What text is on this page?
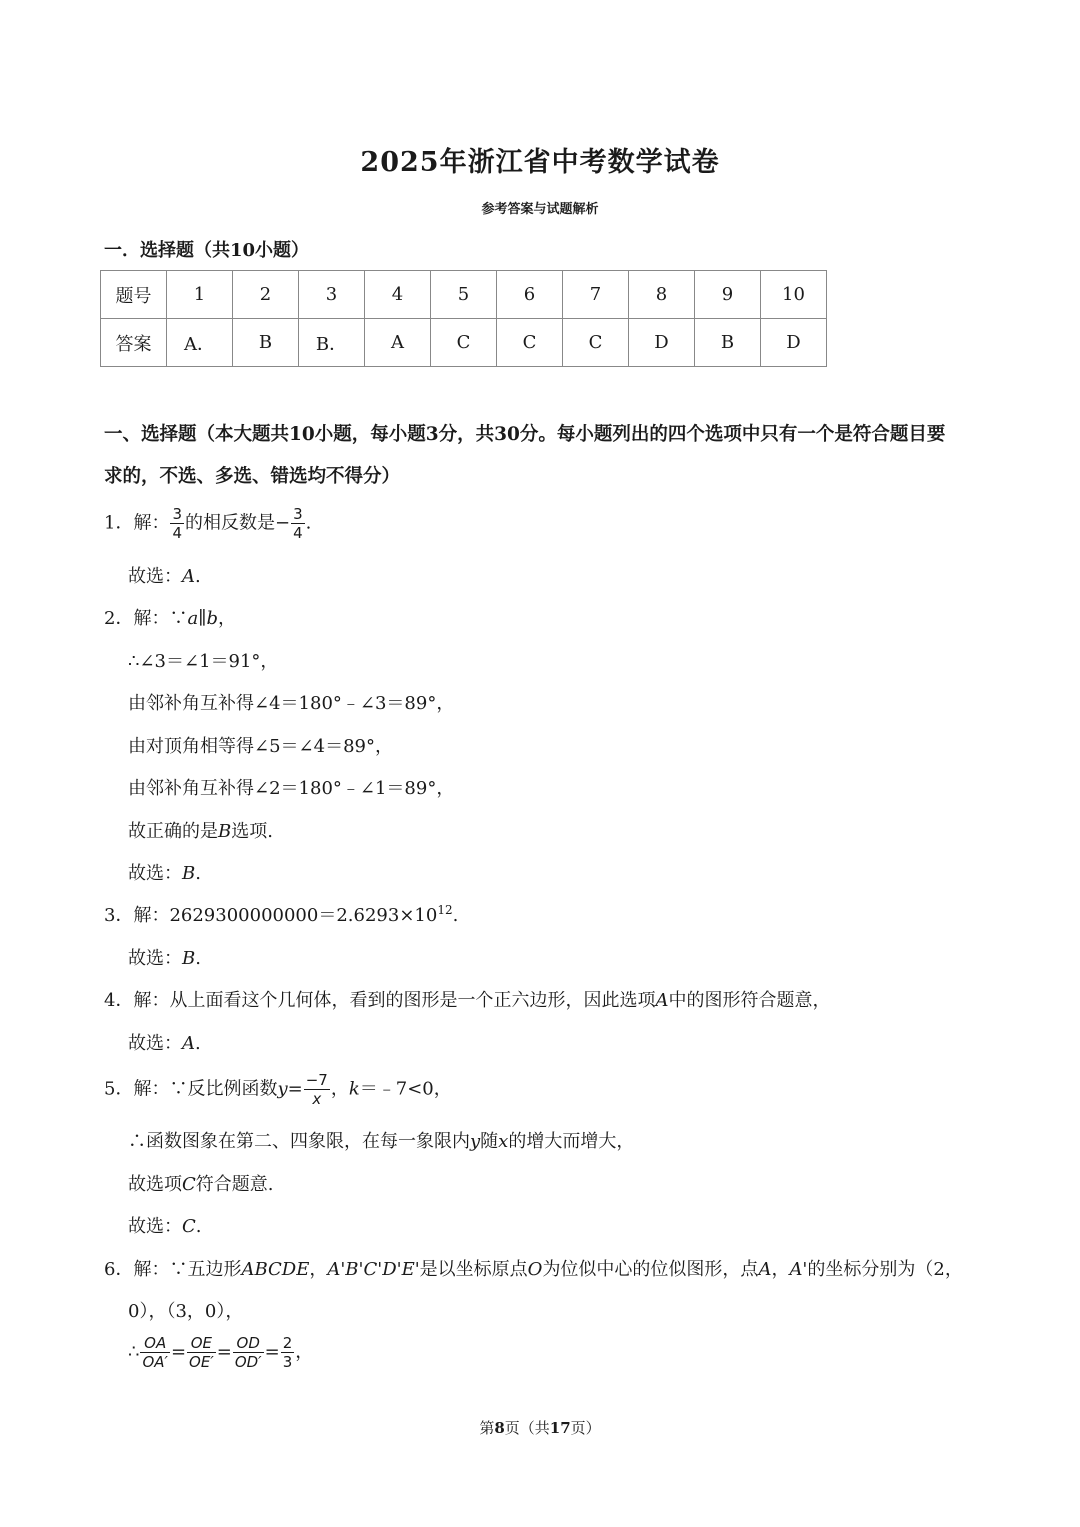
2025年浙江省中考数学试卷
参考答案与试题解析
一．选择题（共10小题）
题号	1	2	3	4	5	6	7	8	9	10
答案	A．	B	B．	A	C	C	C	D	B	D
一、选择题（本大题共10小题，每小题3分，共30分。每小题列出的四个选项中只有一个是符合题目要
求的，不选、多选、错选均不得分）
1．解： $\frac{3}{4}$ 的相反数是− $\frac{3}{4}$ .
故选：A.
2．解：∵a∥b，
∴∠3＝∠1＝91°，
由邻补角互补得∠4＝180°﹣∠3＝89°，
由对顶角相等得∠5＝∠4＝89°，
由邻补角互补得∠2＝180°﹣∠1＝89°，
故正确的是B选项.
故选：B.
3．解：$2629300000000=2.6293\times 10^{12}$.
故选：B.
4．解：从上面看这个几何体，看到的图形是一个正六边形，因此选项A中的图形符合题意，
故选：A.
5．解：∵反比例函数$y= \frac{-7}{x}$ ，k＝﹣7<0，
∴函数图象在第二、四象限，在每一象限内y随x的增大而增大，
故选项C符合题意.
故选：C.
6．解：∵五边形ABCDE，A'B'C'D'E'是以坐标原点O为位似中心的位似图形，点A，A'的坐标分别为（2，
0），（3，0），
∴ $\frac{OA}{OA'} = \frac{OE}{OE'} = \frac{OD}{OD'} = \frac{2}{3}$ ，
第8页（共17页）
